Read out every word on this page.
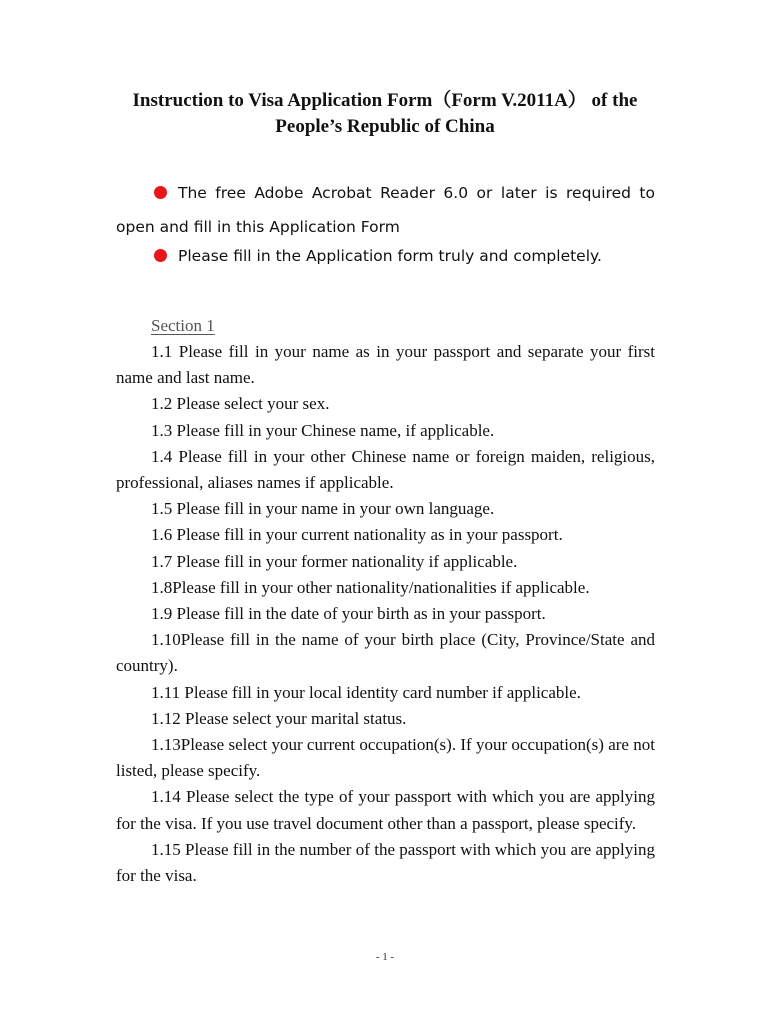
Instruction to Visa Application Form（Form V.2011A） of the
People’s Republic of China
The free Adobe Acrobat Reader 6.0 or later is required to open and fill in this Application Form
Please fill in the Application form truly and completely.
Section 1

1.1 Please fill in your name as in your passport and separate your first name and last name.

1.2 Please select your sex.

1.3 Please fill in your Chinese name, if applicable.

1.4 Please fill in your other Chinese name or foreign maiden, religious, professional, aliases names if applicable.

1.5 Please fill in your name in your own language.

1.6 Please fill in your current nationality as in your passport.

1.7 Please fill in your former nationality if applicable.

1.8Please fill in your other nationality/nationalities if applicable.

1.9 Please fill in the date of your birth as in your passport.

1.10Please fill in the name of your birth place (City, Province/State and country).

1.11 Please fill in your local identity card number if applicable.

1.12 Please select your marital status.

1.13Please select your current occupation(s). If your occupation(s) are not listed, please specify.

1.14 Please select the type of your passport with which you are applying for the visa. If you use travel document other than a passport, please specify.

1.15 Please fill in the number of the passport with which you are applying for the visa.

- 1 -
